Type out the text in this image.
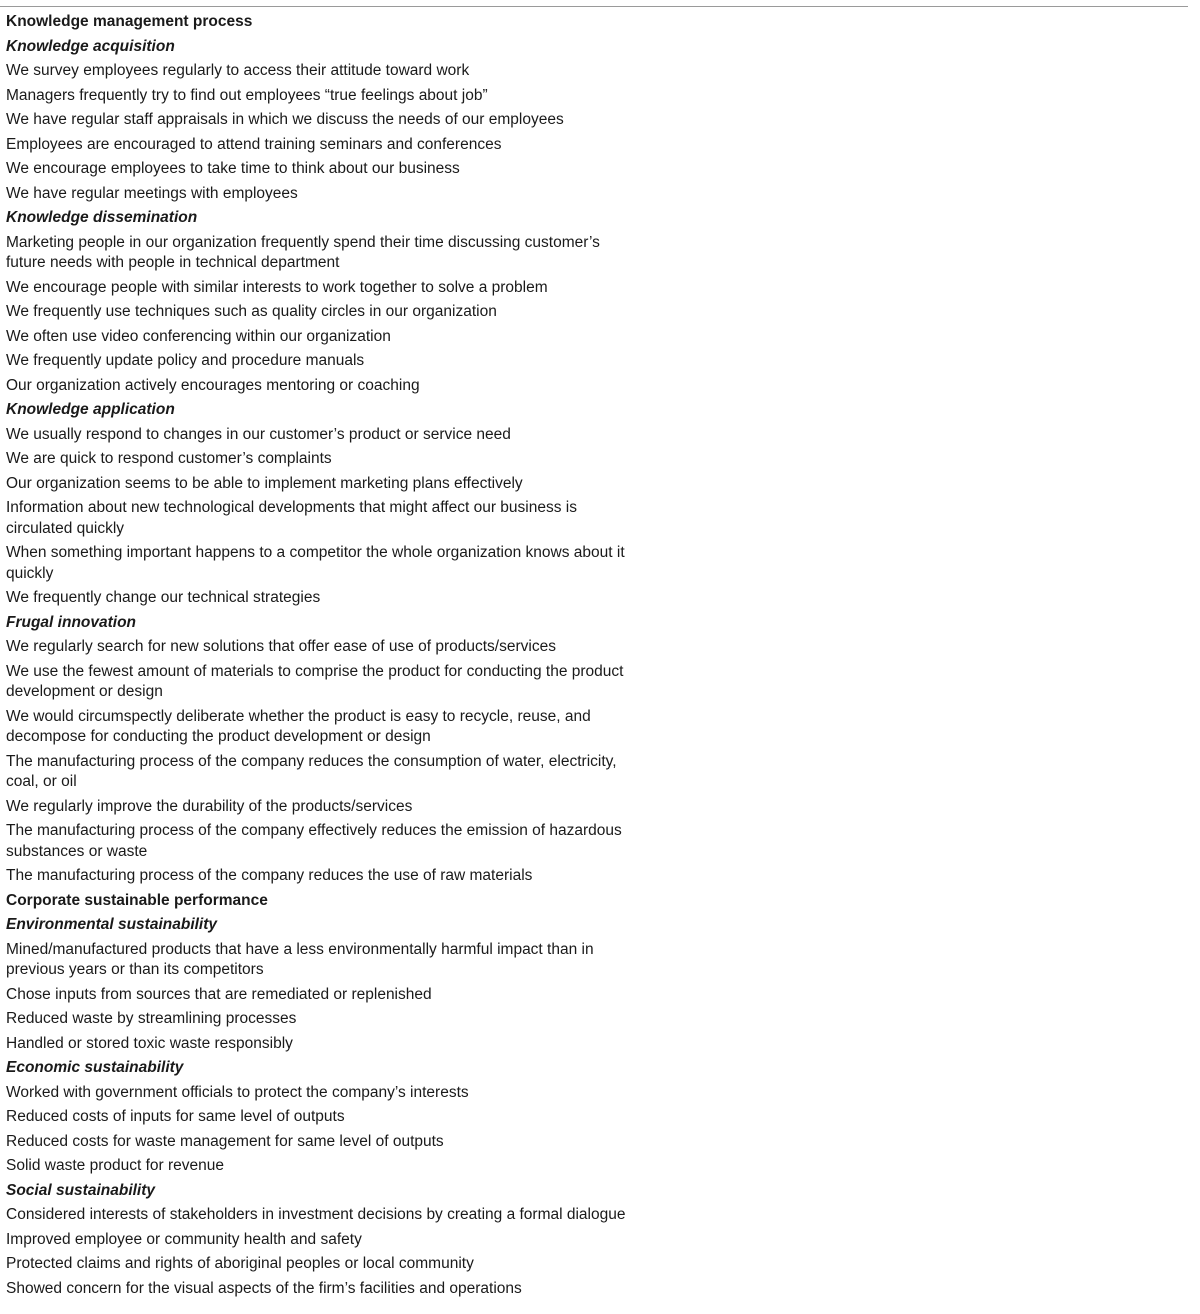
Knowledge management process
Knowledge acquisition
We survey employees regularly to access their attitude toward work
Managers frequently try to find out employees “true feelings about job”
We have regular staff appraisals in which we discuss the needs of our employees
Employees are encouraged to attend training seminars and conferences
We encourage employees to take time to think about our business
We have regular meetings with employees
Knowledge dissemination
Marketing people in our organization frequently spend their time discussing customer’s future needs with people in technical department
We encourage people with similar interests to work together to solve a problem
We frequently use techniques such as quality circles in our organization
We often use video conferencing within our organization
We frequently update policy and procedure manuals
Our organization actively encourages mentoring or coaching
Knowledge application
We usually respond to changes in our customer’s product or service need
We are quick to respond customer’s complaints
Our organization seems to be able to implement marketing plans effectively
Information about new technological developments that might affect our business is circulated quickly
When something important happens to a competitor the whole organization knows about it quickly
We frequently change our technical strategies
Frugal innovation
We regularly search for new solutions that offer ease of use of products/services
We use the fewest amount of materials to comprise the product for conducting the product development or design
We would circumspectly deliberate whether the product is easy to recycle, reuse, and decompose for conducting the product development or design
The manufacturing process of the company reduces the consumption of water, electricity, coal, or oil
We regularly improve the durability of the products/services
The manufacturing process of the company effectively reduces the emission of hazardous substances or waste
The manufacturing process of the company reduces the use of raw materials
Corporate sustainable performance
Environmental sustainability
Mined/manufactured products that have a less environmentally harmful impact than in previous years or than its competitors
Chose inputs from sources that are remediated or replenished
Reduced waste by streamlining processes
Handled or stored toxic waste responsibly
Economic sustainability
Worked with government officials to protect the company’s interests
Reduced costs of inputs for same level of outputs
Reduced costs for waste management for same level of outputs
Solid waste product for revenue
Social sustainability
Considered interests of stakeholders in investment decisions by creating a formal dialogue
Improved employee or community health and safety
Protected claims and rights of aboriginal peoples or local community
Showed concern for the visual aspects of the firm’s facilities and operations
